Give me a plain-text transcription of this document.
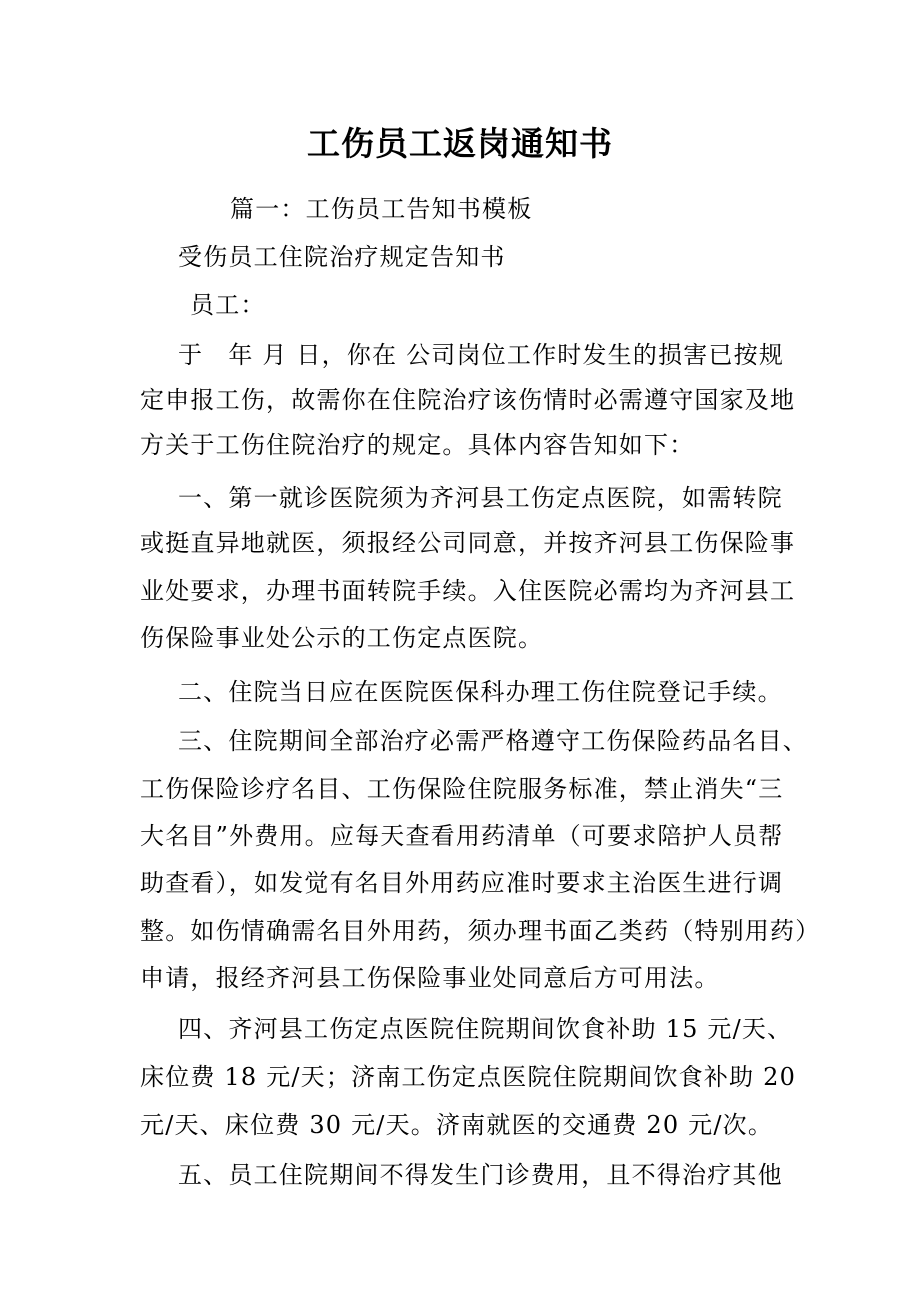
工伤员工返岗通知书
篇一：工伤员工告知书模板
受伤员工住院治疗规定告知书
员工：
于　年 月 日，你在 公司岗位工作时发生的损害已按规
定申报工伤，故需你在住院治疗该伤情时必需遵守国家及地
方关于工伤住院治疗的规定。具体内容告知如下：
一、第一就诊医院须为齐河县工伤定点医院，如需转院
或挺直异地就医，须报经公司同意，并按齐河县工伤保险事
业处要求，办理书面转院手续。入住医院必需均为齐河县工
伤保险事业处公示的工伤定点医院。
二、住院当日应在医院医保科办理工伤住院登记手续。
三、住院期间全部治疗必需严格遵守工伤保险药品名目、
工伤保险诊疗名目、工伤保险住院服务标准，禁止消失“三
大名目”外费用。应每天查看用药清单（可要求陪护人员帮
助查看），如发觉有名目外用药应准时要求主治医生进行调
整。如伤情确需名目外用药，须办理书面乙类药（特别用药）
申请，报经齐河县工伤保险事业处同意后方可用法。
四、齐河县工伤定点医院住院期间饮食补助 15 元/天、
床位费 18 元/天；济南工伤定点医院住院期间饮食补助 20
元/天、床位费 30 元/天。济南就医的交通费 20 元/次。
五、员工住院期间不得发生门诊费用，且不得治疗其他
